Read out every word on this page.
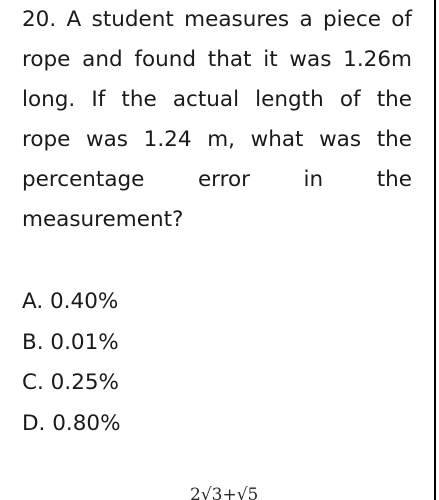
20. A student measures a piece of
rope and found that it was 1.26m
long. If the actual length of the
rope was 1.24 m, what was the
percentage error in the
measurement?
A. 0.40%
B. 0.01%
C. 0.25%
D. 0.80%
2√3+√5
